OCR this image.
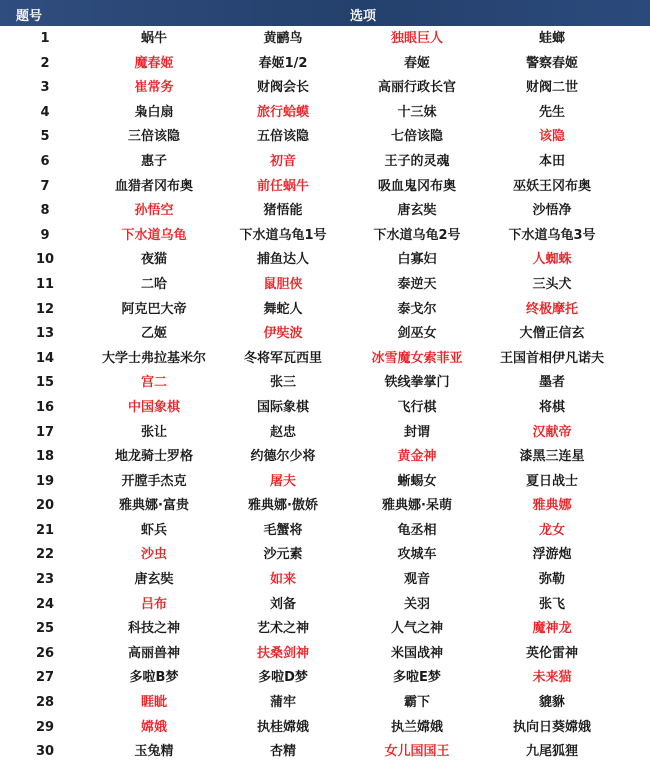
题号	选项
1	蜗牛	黄鹂鸟	独眼巨人	蛙螂
2	魔春姬	春姬1/2	春姬	警察春姬
3	崔常务	财阀会长	高丽行政长官	财阀二世
4	枭白扇	旅行蛤蟆	十三妹	先生
5	三倍该隐	五倍该隐	七倍该隐	该隐
6	惠子	初音	王子的灵魂	本田
7	血猎者冈布奥	前任蜗牛	吸血鬼冈布奥	巫妖王冈布奥
8	孙悟空	猪悟能	唐玄奘	沙悟净
9	下水道乌龟	下水道乌龟1号	下水道乌龟2号	下水道乌龟3号
10	夜猫	捕鱼达人	白寡妇	人蜘蛛
11	二哈	鼠胆侠	泰逆天	三头犬
12	阿克巴大帝	舞蛇人	泰戈尔	终极摩托
13	乙姬	伊奘波	剑巫女	大僧正信玄
14	大学士弗拉基米尔	冬将军瓦西里	冰雪魔女索菲亚	王国首相伊凡诺夫
15	宫二	张三	铁线拳掌门	墨者
16	中国象棋	国际象棋	飞行棋	将棋
17	张让	赵忠	封谓	汉献帝
18	地龙骑士罗格	约德尔少将	黄金神	漆黑三连星
19	开膛手杰克	屠夫	蜥蜴女	夏日战士
20	雅典娜·富贵	雅典娜·傲娇	雅典娜·呆萌	雅典娜
21	虾兵	毛蟹将	龟丞相	龙女
22	沙虫	沙元素	攻城车	浮游炮
23	唐玄奘	如来	观音	弥勒
24	吕布	刘备	关羽	张飞
25	科技之神	艺术之神	人气之神	魔神龙
26	高丽兽神	扶桑剑神	米国战神	英伦雷神
27	多啦B梦	多啦D梦	多啦E梦	未来猫
28	睚眦	蒲牢	霸下	貔貅
29	嫦娥	执桂嫦娥	执兰嫦娥	执向日葵嫦娥
30	玉兔精	杏精	女儿国国王	九尾狐狸
